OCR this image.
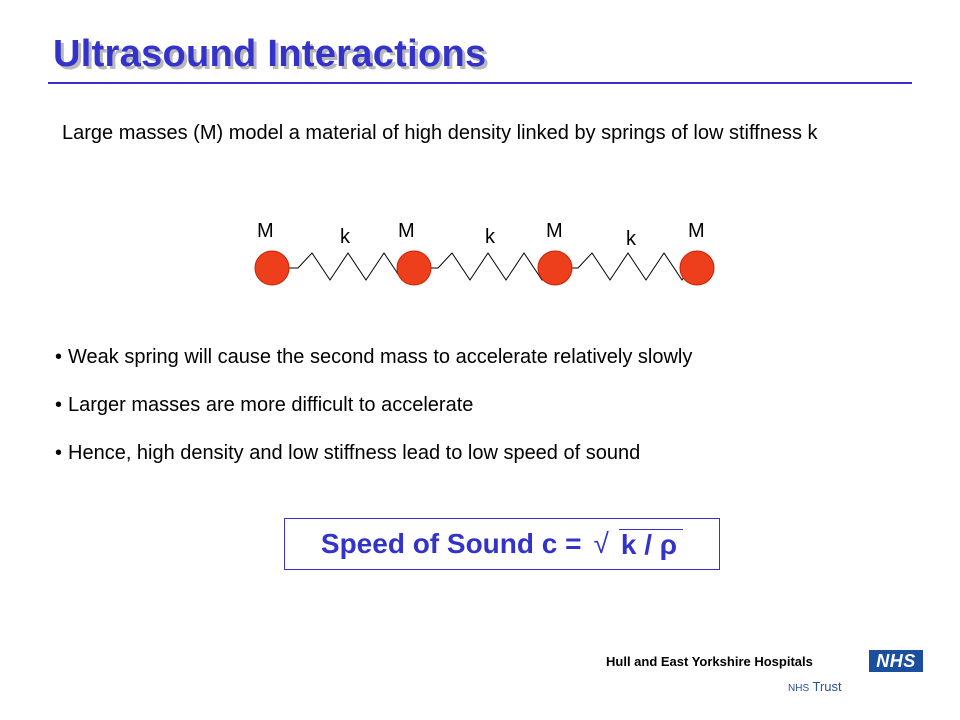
Ultrasound Interactions

Large masses (M) model a material of high density linked by springs of low stiffness k

M	k M	k	M	k	M
• Weak spring will cause the second mass to accelerate relatively slowly
• Larger masses are more difficult to accelerate
• Hence, high density and low stiffness lead to low speed of sound
Speed of Sound c = √ k / ρ

Hull and East Yorkshire Hospitals	NHS

NHS Trust
